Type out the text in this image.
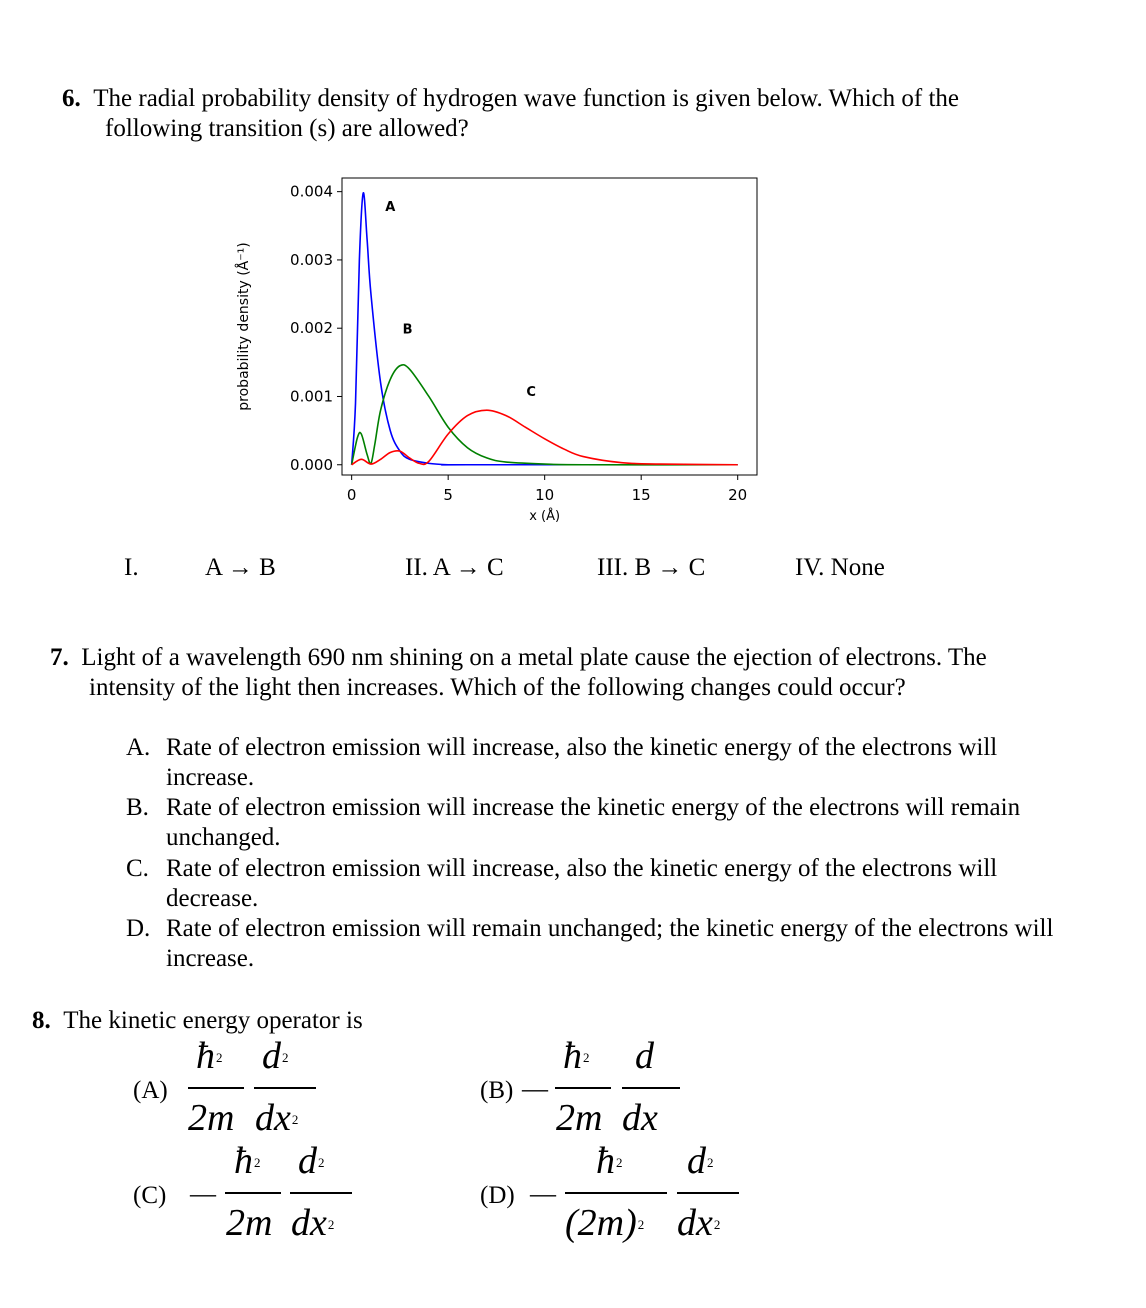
6. The radial probability density of hydrogen wave function is given below. Which of the
following transition (s) are allowed?
0	5	10	15	20
0.000
0.001
0.002
0.003
0.004
x (Å)
probability density (Å⁻¹)
A
B
C
I.	A → B	II. A → C	III. B → C	IV. None
7. Light of a wavelength 690 nm shining on a metal plate cause the ejection of electrons. The
intensity of the light then increases. Which of the following changes could occur?
A. Rate of electron emission will increase, also the kinetic energy of the electrons will
increase.
B. Rate of electron emission will increase the kinetic energy of the electrons will remain
unchanged.
C. Rate of electron emission will increase, also the kinetic energy of the electrons will
decrease.
D. Rate of electron emission will remain unchanged; the kinetic energy of the electrons will
increase.
8. The kinetic energy operator is
(A)
$ħ^2$
2m
$d^2$
$dx^2$
(B) —
$ħ^2$
2m
d
dx
(C) —
$ħ^2$
2m
$d^2$
$dx^2$
(D) —
$ħ^2$
$(2m)^2$
$d^2$
$dx^2$
